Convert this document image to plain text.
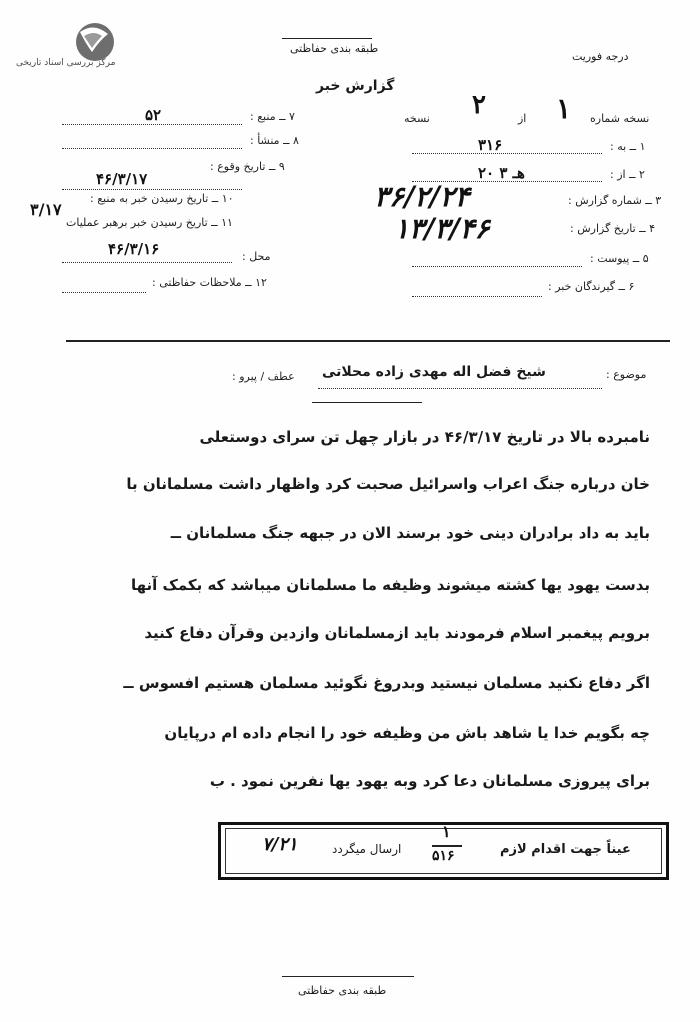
مرکز بررسی اسناد تاریخی
طبقه بندی حفاظتی
درجه فوریت
گزارش خبر
نسخه شماره
۱
از
۲
نسخه
۷ ــ منبع :
۵۲
۸ ــ منشأ :
۹ ــ تاریخ وقوع :
۴۶/۳/۱۷
۱۰ ــ تاریخ رسیدن خبر به منبع :
۱۱ ــ تاریخ رسیدن خبر برهبر عملیات
۳/۱۷
محل :
۴۶/۳/۱۶
۱۲ ــ ملاحظات حفاظتی :
۱ ــ به :
۳۱۶
۲ ــ از :
۲۰ هـ ۳
۳ ــ شماره گزارش :
۳۶/۲/۲۴
۴ ــ تاریخ گزارش :
۱۳/۳/۴۶
۵ ــ پیوست :
۶ ــ گیرندگان خبر :
موضوع :
شیخ فضل اله مهدی زاده محلاتی
عطف / پیرو :
نامبرده بالا در تاریخ ۴۶/۳/۱۷ در بازار چهل تن سرای دوستعلی
خان درباره جنگ اعراب واسرائیل صحبت کرد واظهار داشت مسلمانان با
باید به داد برادران دینی خود برسند الان در جبهه جنگ مسلمانان ــ
بدست یهود یها کشته میشوند وظیفه ما مسلمانان میباشد که بکمک آنها
برویم پیغمبر اسلام فرمودند باید ازمسلمانان وازدین وقرآن دفاع کنید
اگر دفاع نکنید مسلمان نیستید وبدروغ نگوئید مسلمان هستیم افسوس ــ
چه بگویم خدا یا شاهد باش من وظیفه خود را انجام داده ام درپایان
برای پیروزی مسلمانان دعا کرد وبه یهود یها نفرین نمود . ب
عیناً جهت اقدام لازم
۱
۵۱۶
ارسال میگردد
۷/۲۱
طبقه بندی حفاظتی
